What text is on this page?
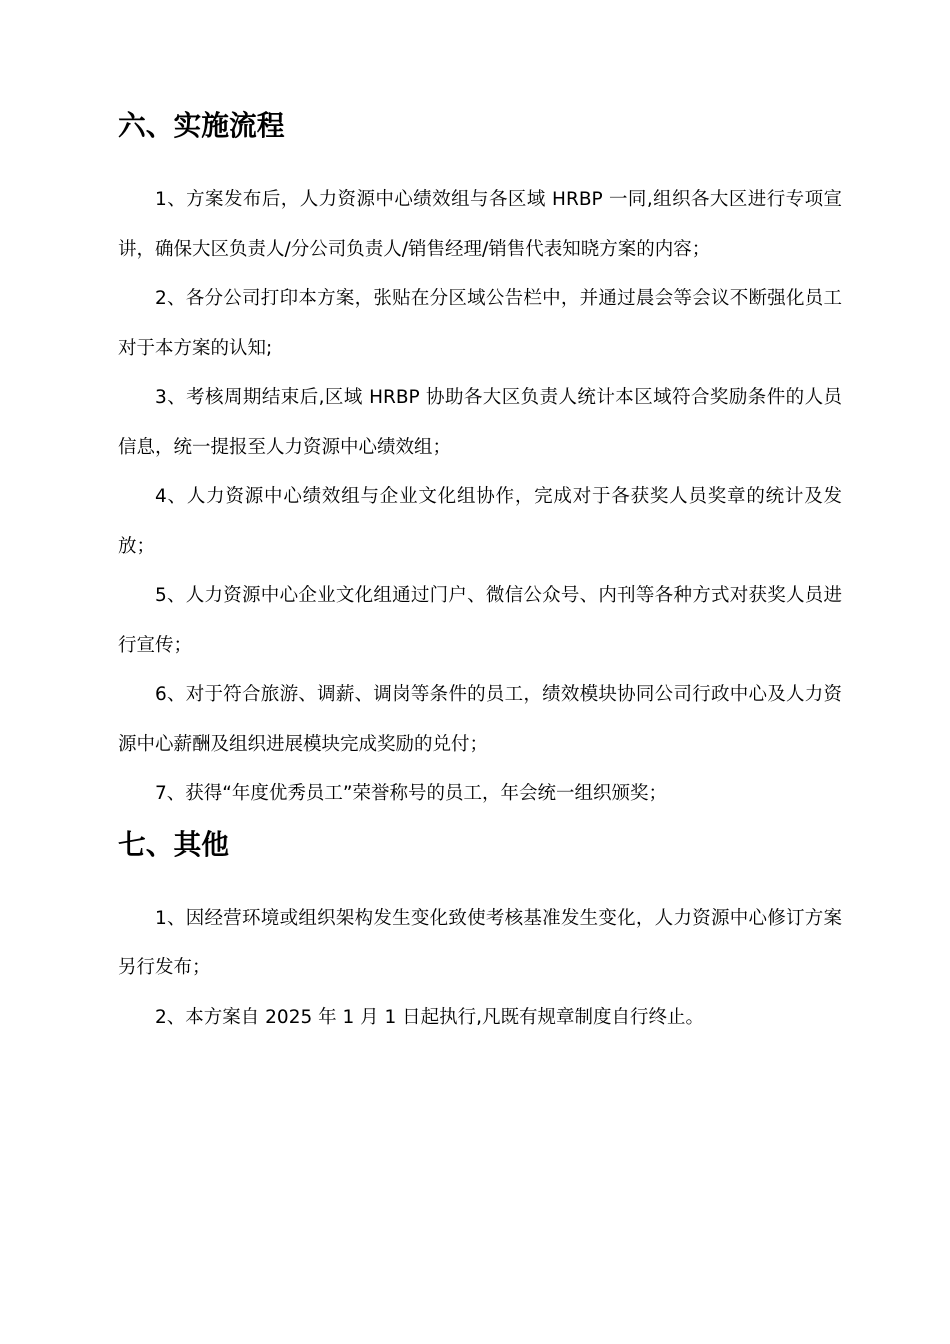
六、实施流程

1、方案发布后，人力资源中心绩效组与各区域 HRBP 一同,组织各大区进行专项宣讲，确保大区负责人/分公司负责人/销售经理/销售代表知晓方案的内容；

2、各分公司打印本方案，张贴在分区域公告栏中，并通过晨会等会议不断强化员工对于本方案的认知;

3、考核周期结束后,区域 HRBP 协助各大区负责人统计本区域符合奖励条件的人员信息，统一提报至人力资源中心绩效组；

4、人力资源中心绩效组与企业文化组协作，完成对于各获奖人员奖章的统计及发放；

5、人力资源中心企业文化组通过门户、微信公众号、内刊等各种方式对获奖人员进行宣传；

6、对于符合旅游、调薪、调岗等条件的员工，绩效模块协同公司行政中心及人力资源中心薪酬及组织进展模块完成奖励的兑付；

7、获得“年度优秀员工”荣誉称号的员工，年会统一组织颁奖；

七、其他

1、因经营环境或组织架构发生变化致使考核基准发生变化，人力资源中心修订方案另行发布；

2、本方案自 2025 年 1 月 1 日起执行,凡既有规章制度自行终止。
